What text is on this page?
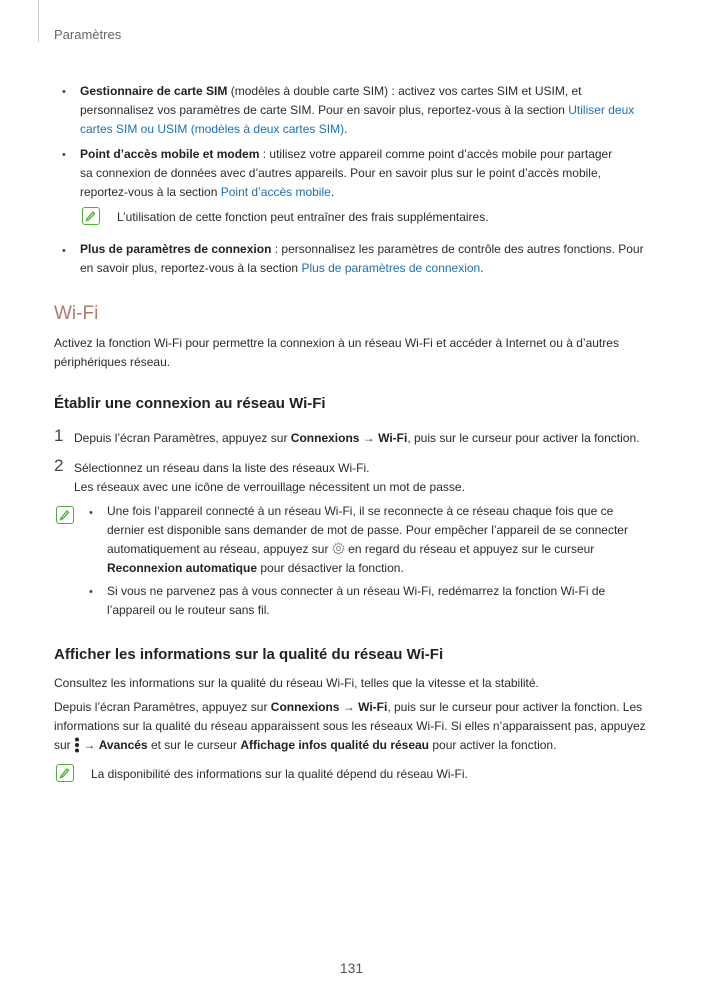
Paramètres
• Gestionnaire de carte SIM (modèles à double carte SIM) : activez vos cartes SIM et USIM, et
personnalisez vos paramètres de carte SIM. Pour en savoir plus, reportez-vous à la section Utiliser deux
cartes SIM ou USIM (modèles à deux cartes SIM).
• Point d’accès mobile et modem : utilisez votre appareil comme point d’accès mobile pour partager
sa connexion de données avec d’autres appareils. Pour en savoir plus sur le point d’accès mobile,
reportez-vous à la section Point d’accès mobile.
L’utilisation de cette fonction peut entraîner des frais supplémentaires.
• Plus de paramètres de connexion : personnalisez les paramètres de contrôle des autres fonctions. Pour
en savoir plus, reportez-vous à la section Plus de paramètres de connexion.
Wi-Fi
Activez la fonction Wi-Fi pour permettre la connexion à un réseau Wi-Fi et accéder à Internet ou à d’autres
périphériques réseau.
Établir une connexion au réseau Wi-Fi
1 Depuis l’écran Paramètres, appuyez sur Connexions → Wi-Fi, puis sur le curseur pour activer la fonction.
2 Sélectionnez un réseau dans la liste des réseaux Wi-Fi.
Les réseaux avec une icône de verrouillage nécessitent un mot de passe.
• Une fois l’appareil connecté à un réseau Wi-Fi, il se reconnecte à ce réseau chaque fois que ce
dernier est disponible sans demander de mot de passe. Pour empêcher l’appareil de se connecter
automatiquement au réseau, appuyez sur  en regard du réseau et appuyez sur le curseur
Reconnexion automatique pour désactiver la fonction.
• Si vous ne parvenez pas à vous connecter à un réseau Wi-Fi, redémarrez la fonction Wi-Fi de
l’appareil ou le routeur sans fil.
Afficher les informations sur la qualité du réseau Wi-Fi
Consultez les informations sur la qualité du réseau Wi-Fi, telles que la vitesse et la stabilité.
Depuis l’écran Paramètres, appuyez sur Connexions → Wi-Fi, puis sur le curseur pour activer la fonction. Les
informations sur la qualité du réseau apparaissent sous les réseaux Wi-Fi. Si elles n’apparaissent pas, appuyez
sur  → Avancés et sur le curseur Affichage infos qualité du réseau pour activer la fonction.
La disponibilité des informations sur la qualité dépend du réseau Wi-Fi.
131
